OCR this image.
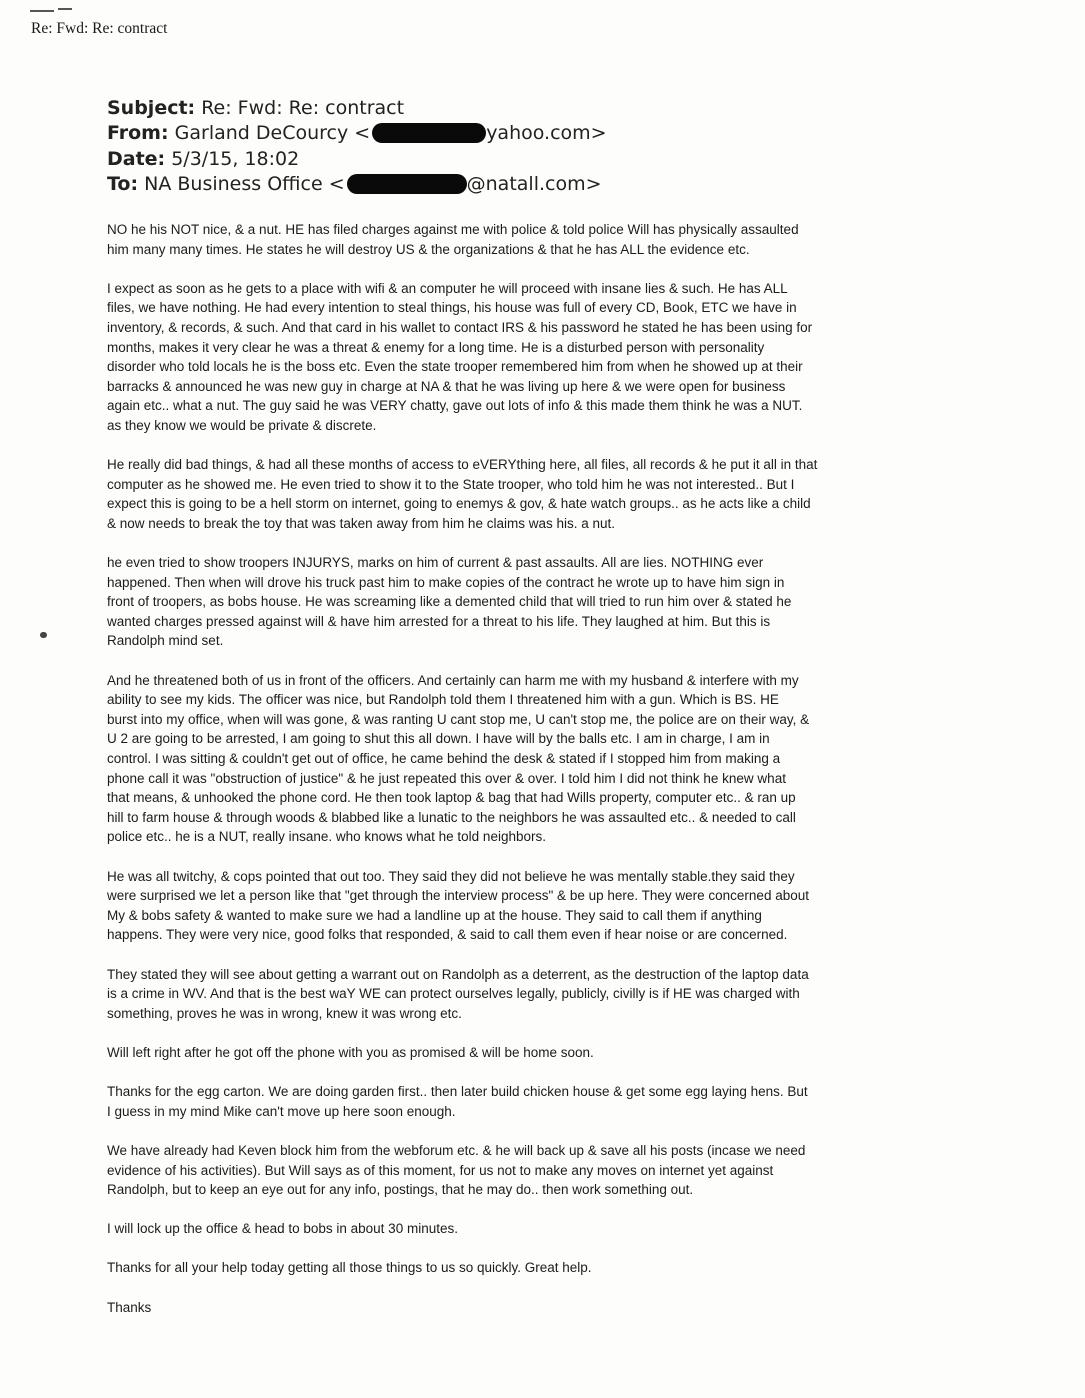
Re: Fwd: Re: contract
Subject: Re: Fwd: Re: contract
From: Garland DeCourcy <	yahoo.com>
Date: 5/3/15, 18:02
To: NA Business Office <	@natall.com>

NO he his NOT nice, & a nut. HE has filed charges against me with police & told police Will has physically assaulted
him many many times. He states he will destroy US & the organizations & that he has ALL the evidence etc.

I expect as soon as he gets to a place with wifi & an computer he will proceed with insane lies & such. He has ALL
files, we have nothing. He had every intention to steal things, his house was full of every CD, Book, ETC we have in
inventory, & records, & such. And that card in his wallet to contact IRS & his password he stated he has been using for
months, makes it very clear he was a threat & enemy for a long time. He is a disturbed person with personality
disorder who told locals he is the boss etc. Even the state trooper remembered him from when he showed up at their
barracks & announced he was new guy in charge at NA & that he was living up here & we were open for business
again etc.. what a nut. The guy said he was VERY chatty, gave out lots of info & this made them think he was a NUT.
as they know we would be private & discrete.

He really did bad things, & had all these months of access to eVERYthing here, all files, all records & he put it all in that
computer as he showed me. He even tried to show it to the State trooper, who told him he was not interested.. But I
expect this is going to be a hell storm on internet, going to enemys & gov, & hate watch groups.. as he acts like a child
& now needs to break the toy that was taken away from him he claims was his. a nut.

he even tried to show troopers INJURYS, marks on him of current & past assaults. All are lies. NOTHING ever
happened. Then when will drove his truck past him to make copies of the contract he wrote up to have him sign in
front of troopers, as bobs house. He was screaming like a demented child that will tried to run him over & stated he
wanted charges pressed against will & have him arrested for a threat to his life. They laughed at him. But this is
Randolph mind set.

And he threatened both of us in front of the officers. And certainly can harm me with my husband & interfere with my
ability to see my kids. The officer was nice, but Randolph told them I threatened him with a gun. Which is BS. HE
burst into my office, when will was gone, & was ranting U cant stop me, U can't stop me, the police are on their way, &
U 2 are going to be arrested, I am going to shut this all down. I have will by the balls etc. I am in charge, I am in
control. I was sitting & couldn't get out of office, he came behind the desk & stated if I stopped him from making a
phone call it was "obstruction of justice" & he just repeated this over & over. I told him I did not think he knew what
that means, & unhooked the phone cord. He then took laptop & bag that had Wills property, computer etc.. & ran up
hill to farm house & through woods & blabbed like a lunatic to the neighbors he was assaulted etc.. & needed to call
police etc.. he is a NUT, really insane. who knows what he told neighbors.

He was all twitchy, & cops pointed that out too. They said they did not believe he was mentally stable.they said they
were surprised we let a person like that "get through the interview process" & be up here. They were concerned about
My & bobs safety & wanted to make sure we had a landline up at the house. They said to call them if anything
happens. They were very nice, good folks that responded, & said to call them even if hear noise or are concerned.

They stated they will see about getting a warrant out on Randolph as a deterrent, as the destruction of the laptop data
is a crime in WV. And that is the best waY WE can protect ourselves legally, publicly, civilly is if HE was charged with
something, proves he was in wrong, knew it was wrong etc.

Will left right after he got off the phone with you as promised & will be home soon.

Thanks for the egg carton. We are doing garden first.. then later build chicken house & get some egg laying hens. But
I guess in my mind Mike can't move up here soon enough.

We have already had Keven block him from the webforum etc. & he will back up & save all his posts (incase we need
evidence of his activities). But Will says as of this moment, for us not to make any moves on internet yet against
Randolph, but to keep an eye out for any info, postings, that he may do.. then work something out.

I will lock up the office & head to bobs in about 30 minutes.

Thanks for all your help today getting all those things to us so quickly. Great help.

Thanks
